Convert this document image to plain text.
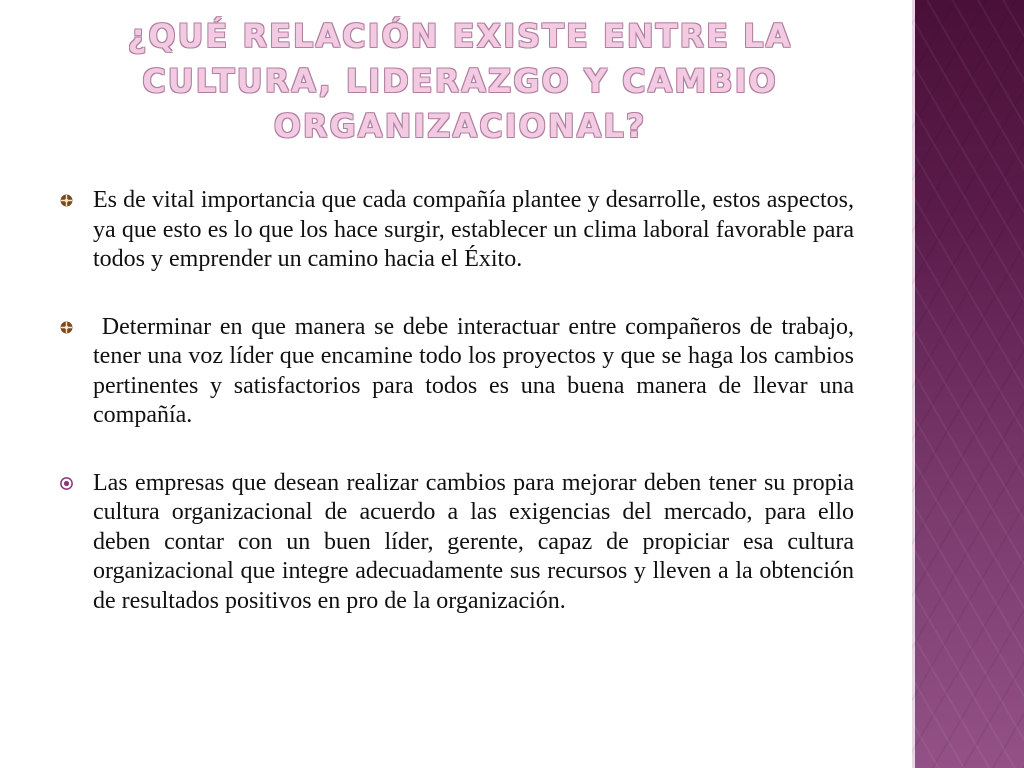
¿QUÉ RELACIÓN EXISTE ENTRE LA CULTURA, LIDERAZGO Y CAMBIO ORGANIZACIONAL?
Es de vital importancia que cada compañía plantee y desarrolle, estos aspectos, ya que esto es lo que los hace surgir, establecer un clima laboral favorable para todos y emprender un camino hacia el Éxito.
Determinar en que manera se debe interactuar entre compañeros de trabajo, tener una voz líder que encamine todo los proyectos y que se haga los cambios pertinentes y satisfactorios para todos es una buena manera de llevar una compañía.
Las empresas que desean realizar cambios para mejorar deben tener su propia cultura organizacional de acuerdo a las exigencias del mercado, para ello deben contar con un buen líder, gerente, capaz de propiciar esa cultura organizacional que integre adecuadamente sus recursos y lleven a la obtención de resultados positivos en pro de la organización.
